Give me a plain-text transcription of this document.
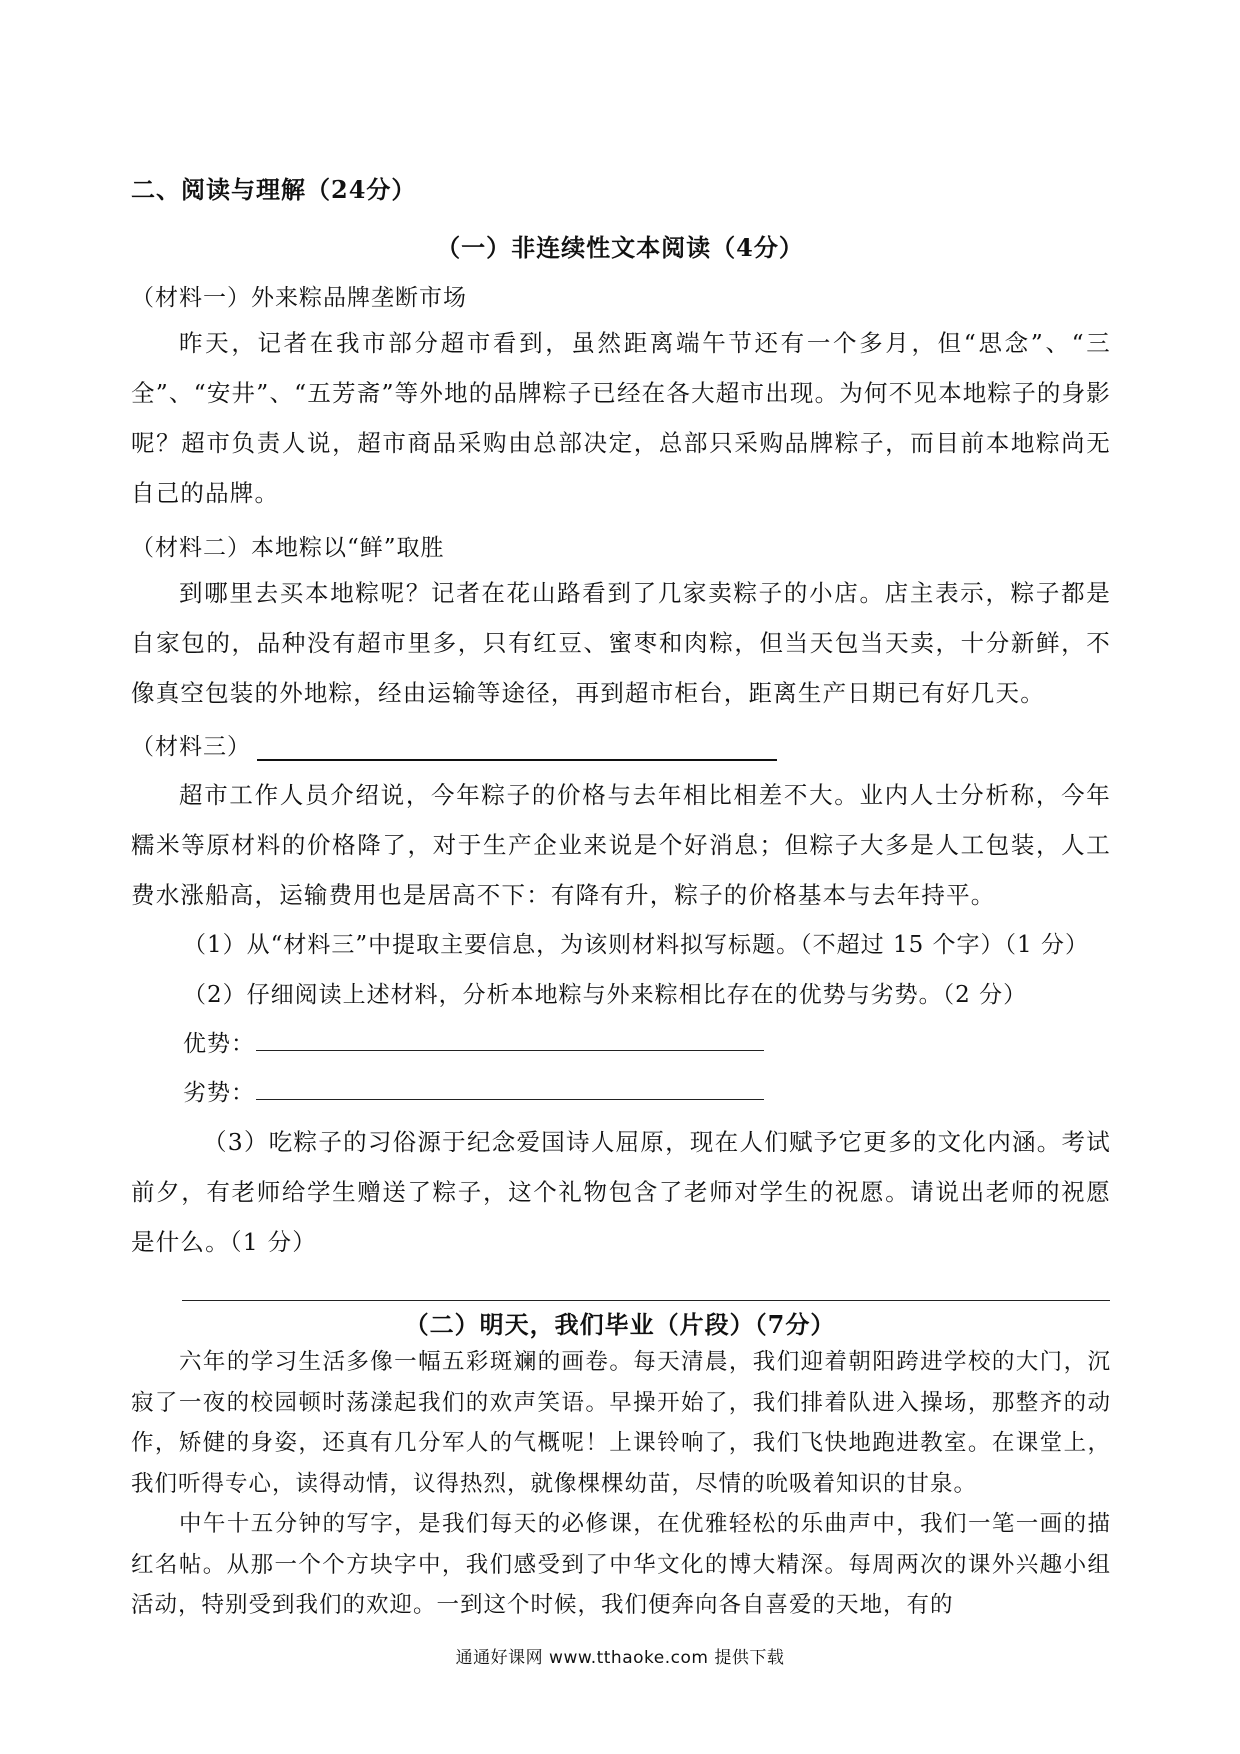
二、阅读与理解（24分）
（一）非连续性文本阅读（4分）
（材料一）外来粽品牌垄断市场
昨天，记者在我市部分超市看到，虽然距离端午节还有一个多月，但“思念”、“三全”、“安井”、“五芳斋”等外地的品牌粽子已经在各大超市出现。为何不见本地粽子的身影呢？超市负责人说，超市商品采购由总部决定，总部只采购品牌粽子，而目前本地粽尚无自己的品牌。
（材料二）本地粽以“鲜”取胜
到哪里去买本地粽呢？记者在花山路看到了几家卖粽子的小店。店主表示，粽子都是自家包的，品种没有超市里多，只有红豆、蜜枣和肉粽，但当天包当天卖，十分新鲜，不像真空包装的外地粽，经由运输等途径，再到超市柜台，距离生产日期已有好几天。
（材料三）
超市工作人员介绍说，今年粽子的价格与去年相比相差不大。业内人士分析称，今年糯米等原材料的价格降了，对于生产企业来说是个好消息；但粽子大多是人工包装，人工费水涨船高，运输费用也是居高不下：有降有升，粽子的价格基本与去年持平。
（1）从“材料三”中提取主要信息，为该则材料拟写标题。（不超过 15 个字）（1 分）
（2）仔细阅读上述材料，分析本地粽与外来粽相比存在的优势与劣势。（2 分）
优势：
劣势：
（3）吃粽子的习俗源于纪念爱国诗人屈原，现在人们赋予它更多的文化内涵。考试前夕，有老师给学生赠送了粽子，这个礼物包含了老师对学生的祝愿。请说出老师的祝愿是什么。（1 分）
（二）明天，我们毕业（片段）（7分）
六年的学习生活多像一幅五彩斑斓的画卷。每天清晨，我们迎着朝阳跨进学校的大门，沉寂了一夜的校园顿时荡漾起我们的欢声笑语。早操开始了，我们排着队进入操场，那整齐的动作，矫健的身姿，还真有几分军人的气概呢！上课铃响了，我们飞快地跑进教室。在课堂上，我们听得专心，读得动情，议得热烈，就像棵棵幼苗，尽情的吮吸着知识的甘泉。
中午十五分钟的写字，是我们每天的必修课，在优雅轻松的乐曲声中，我们一笔一画的描红名帖。从那一个个方块字中，我们感受到了中华文化的博大精深。每周两次的课外兴趣小组活动，特别受到我们的欢迎。一到这个时候，我们便奔向各自喜爱的天地，有的
通通好课网 www.tthaoke.com 提供下载
